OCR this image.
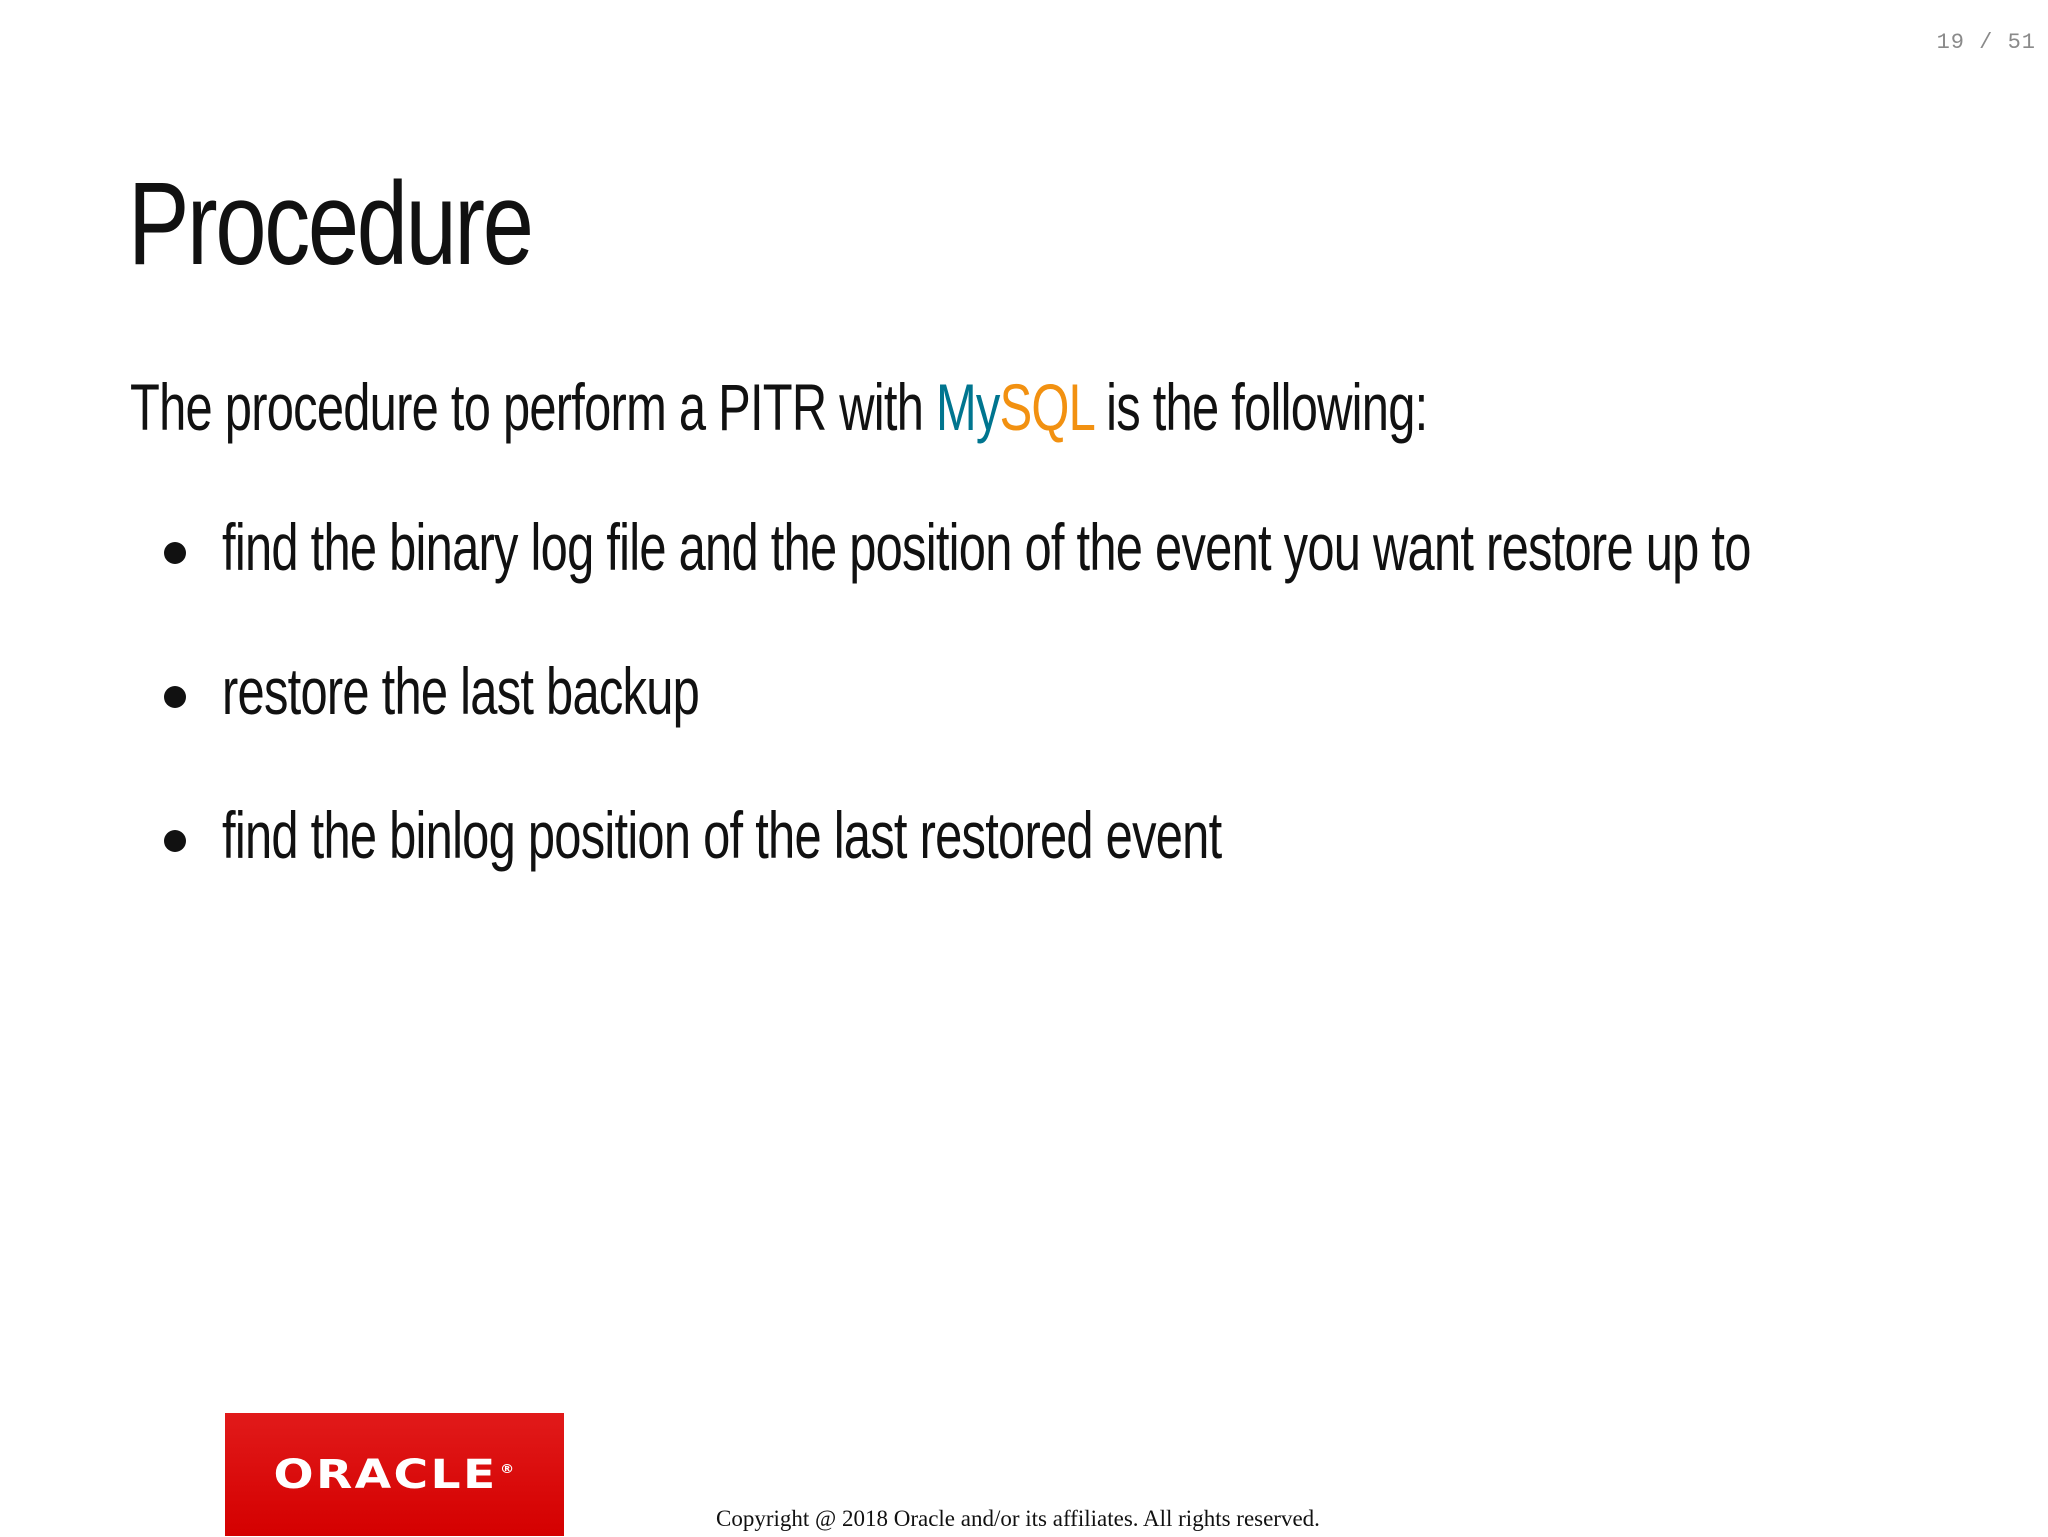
19 / 51
Procedure

The procedure to perform a PITR with MySQL is the following:

find the binary log file and the position of the event you want restore up to
restore the last backup
find the binlog position of the last restored event
ORACLE ®
Copyright @ 2018 Oracle and/or its affiliates. All rights reserved.
